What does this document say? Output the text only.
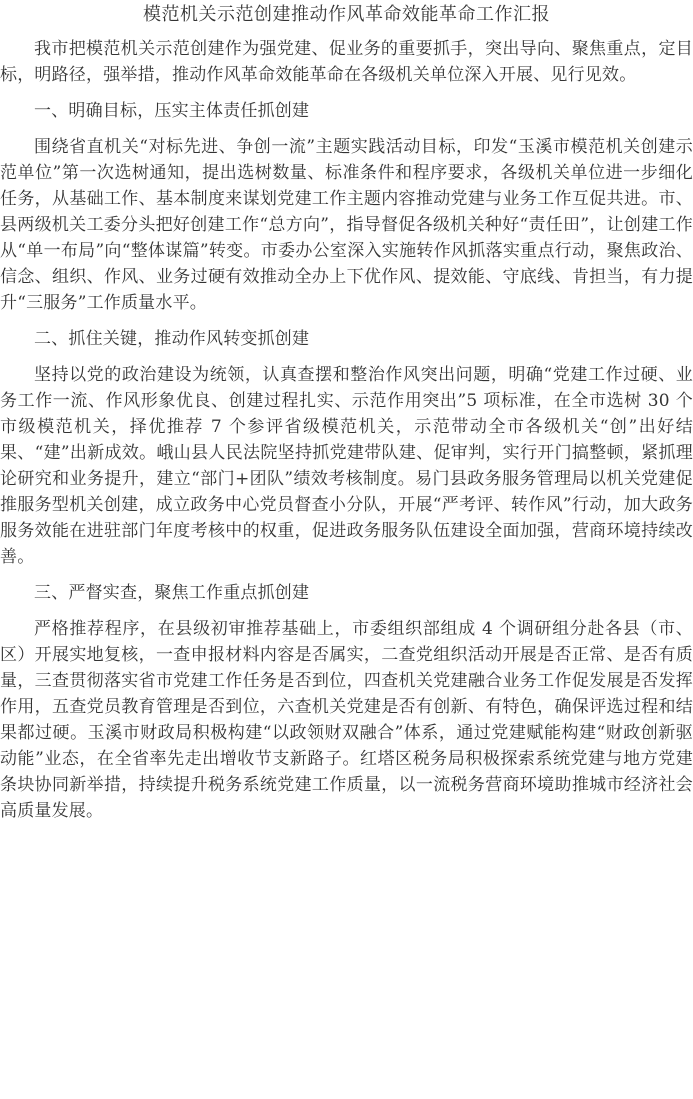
模范机关示范创建推动作风革命效能革命工作汇报

我市把模范机关示范创建作为强党建、促业务的重要抓手，突出导向、聚焦重点，定目标，明路径，强举措，推动作风革命效能革命在各级机关单位深入开展、见行见效。

一、明确目标，压实主体责任抓创建

围绕省直机关“对标先进、争创一流”主题实践活动目标，印发“玉溪市模范机关创建示范单位”第一次选树通知，提出选树数量、标准条件和程序要求，各级机关单位进一步细化任务，从基础工作、基本制度来谋划党建工作主题内容推动党建与业务工作互促共进。市、县两级机关工委分头把好创建工作“总方向”，指导督促各级机关种好“责任田”，让创建工作从“单一布局”向“整体谋篇”转变。市委办公室深入实施转作风抓落实重点行动，聚焦政治、信念、组织、作风、业务过硬有效推动全办上下优作风、提效能、守底线、肯担当，有力提升“三服务”工作质量水平。

二、抓住关键，推动作风转变抓创建

坚持以党的政治建设为统领，认真查摆和整治作风突出问题，明确“党建工作过硬、业务工作一流、作风形象优良、创建过程扎实、示范作用突出”5 项标准，在全市选树 30 个市级模范机关，择优推荐 7 个参评省级模范机关，示范带动全市各级机关“创”出好结果、“建”出新成效。峨山县人民法院坚持抓党建带队建、促审判，实行开门搞整顿，紧抓理论研究和业务提升，建立“部门+团队”绩效考核制度。易门县政务服务管理局以机关党建促推服务型机关创建，成立政务中心党员督查小分队，开展“严考评、转作风”行动，加大政务服务效能在进驻部门年度考核中的权重，促进政务服务队伍建设全面加强，营商环境持续改善。

三、严督实查，聚焦工作重点抓创建

严格推荐程序，在县级初审推荐基础上，市委组织部组成 4 个调研组分赴各县（市、区）开展实地复核，一查申报材料内容是否属实，二查党组织活动开展是否正常、是否有质量，三查贯彻落实省市党建工作任务是否到位，四查机关党建融合业务工作促发展是否发挥作用，五查党员教育管理是否到位，六查机关党建是否有创新、有特色，确保评选过程和结果都过硬。玉溪市财政局积极构建“以政领财双融合”体系，通过党建赋能构建“财政创新驱动能”业态，在全省率先走出增收节支新路子。红塔区税务局积极探索系统党建与地方党建条块协同新举措，持续提升税务系统党建工作质量，以一流税务营商环境助推城市经济社会高质量发展。
